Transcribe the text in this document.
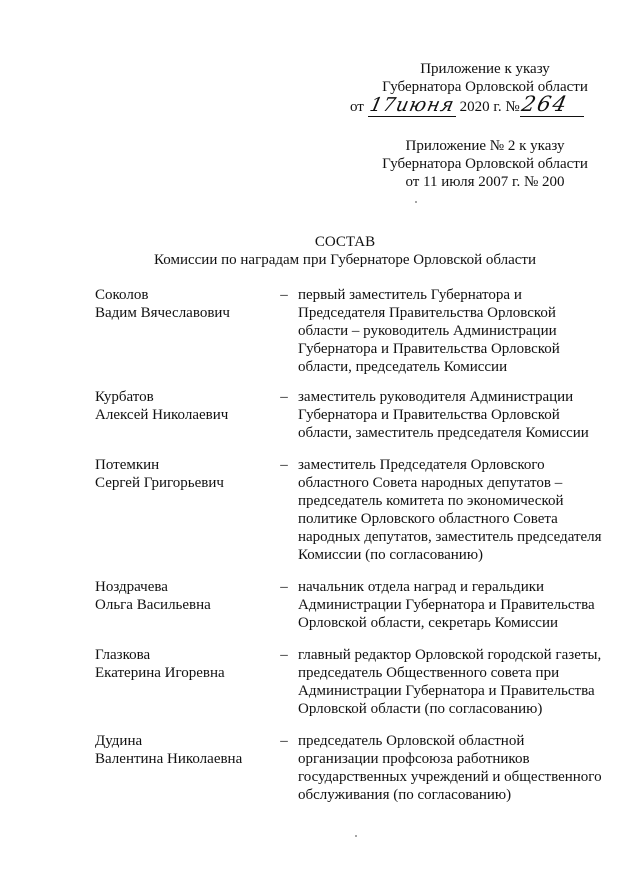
Приложение к указу
Губернатора Орловской области
от 17июня 2020 г. №264
Приложение № 2 к указу
Губернатора Орловской области
от 11 июля 2007 г. № 200
СОСТАВ
Комиссии по наградам при Губернаторе Орловской области
Соколов
Вадим Вячеславович
– первый заместитель Губернатора и
Председателя Правительства Орловской
области – руководитель Администрации
Губернатора и Правительства Орловской
области, председатель Комиссии
Курбатов
Алексей Николаевич
– заместитель руководителя Администрации
Губернатора и Правительства Орловской
области, заместитель председателя Комиссии
Потемкин
Сергей Григорьевич
– заместитель Председателя Орловского
областного Совета народных депутатов –
председатель комитета по экономической
политике Орловского областного Совета
народных депутатов, заместитель председателя
Комиссии (по согласованию)
Ноздрачева
Ольга Васильевна
– начальник отдела наград и геральдики
Администрации Губернатора и Правительства
Орловской области, секретарь Комиссии
Глазкова
Екатерина Игоревна
– главный редактор Орловской городской газеты,
председатель Общественного совета при
Администрации Губернатора и Правительства
Орловской области (по согласованию)
Дудина
Валентина Николаевна
– председатель Орловской областной
организации профсоюза работников
государственных учреждений и общественного
обслуживания (по согласованию)
